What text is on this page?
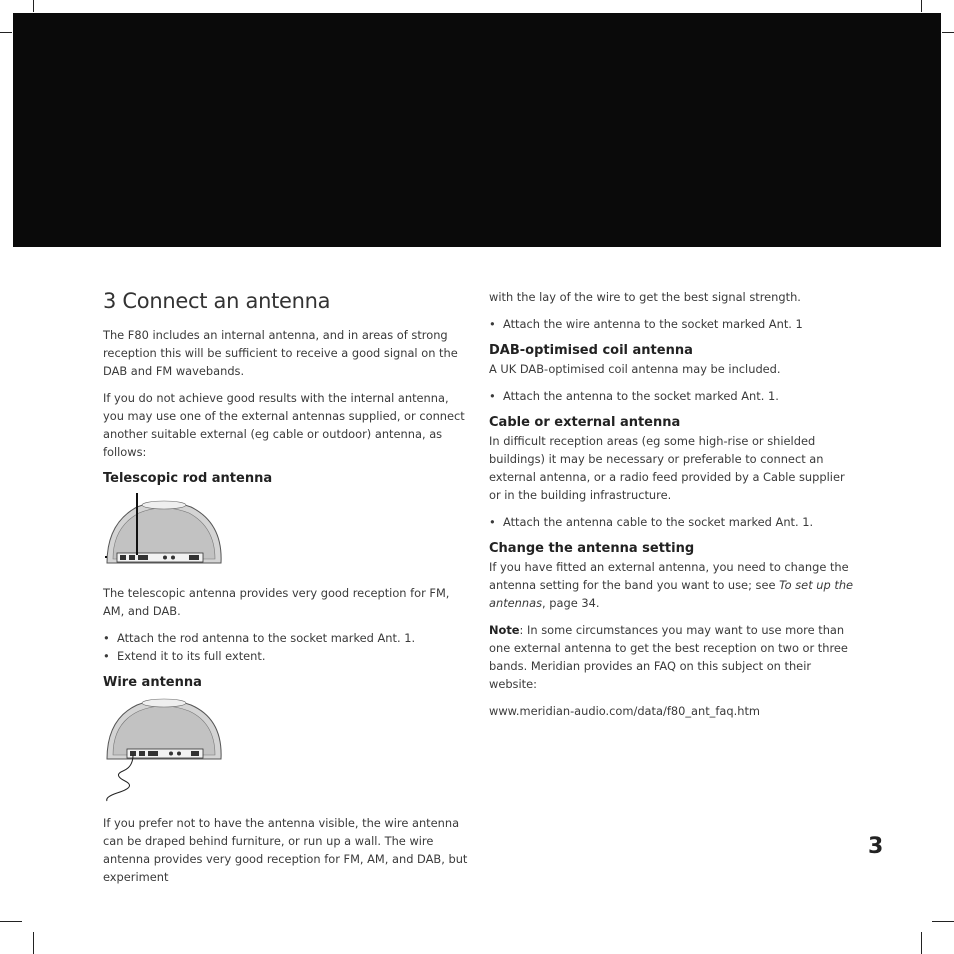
3 Connect an antenna

The F80 includes an internal antenna, and in areas of strong reception this will be sufficient to receive a good signal on the DAB and FM wavebands.

If you do not achieve good results with the internal antenna, you may use one of the external antennas supplied, or connect another suitable external (eg cable or outdoor) antenna, as follows:

Telescopic rod antenna

The telescopic antenna provides very good reception for FM, AM, and DAB.

• Attach the rod antenna to the socket marked Ant. 1.
• Extend it to its full extent.
Wire antenna

If you prefer not to have the antenna visible, the wire antenna can be draped behind furniture, or run up a wall. The wire antenna provides very good reception for FM, AM, and DAB, but experiment

with the lay of the wire to get the best signal strength.

• Attach the wire antenna to the socket marked Ant. 1
DAB-optimised coil antenna

A UK DAB-optimised coil antenna may be included.

• Attach the antenna to the socket marked Ant. 1.
Cable or external antenna

In difficult reception areas (eg some high-rise or shielded buildings) it may be necessary or preferable to connect an external antenna, or a radio feed provided by a Cable supplier or in the building infrastructure.

• Attach the antenna cable to the socket marked Ant. 1.
Change the antenna setting

If you have fitted an external antenna, you need to change the antenna setting for the band you want to use; see To set up the antennas, page 34.

Note: In some circumstances you may want to use more than one external antenna to get the best reception on two or three bands. Meridian provides an FAQ on this subject on their website:

www.meridian-audio.com/data/f80_ant_faq.htm

3
